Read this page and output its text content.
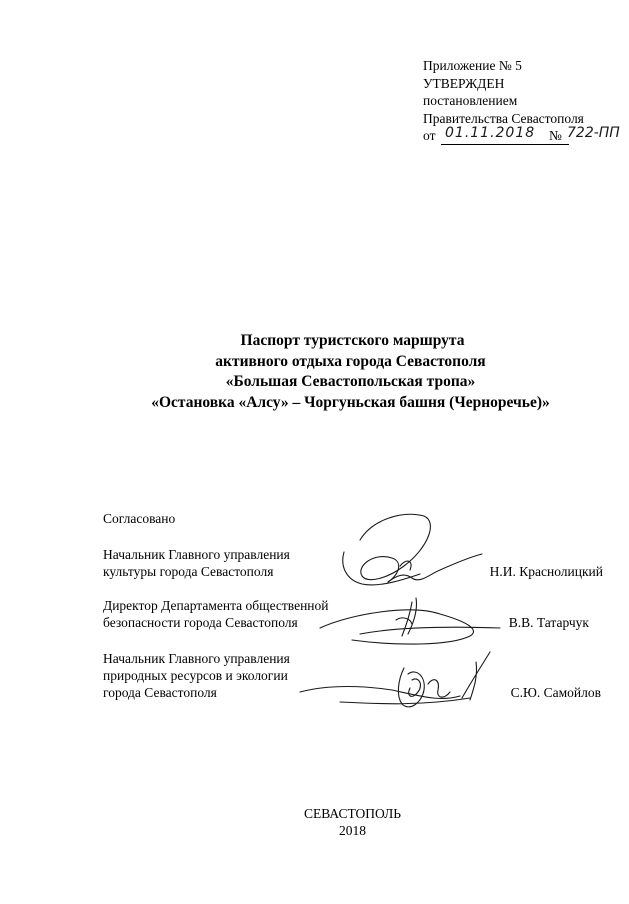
Приложение № 5
УТВЕРЖДЕН
постановлением
Правительства Севастополя
от 01.11.2018 № 722-ПП
Паспорт туристского маршрута
активного отдыха города Севастополя
«Большая Севастопольская тропа»
«Остановка «Алсу» – Чоргуньская башня (Черноречье)»
Согласовано
Начальник Главного управления
культуры города Севастополя	Н.И. Краснолицкий
Директор Департамента общественной
безопасности города Севастополя	В.В. Татарчук
Начальник Главного управления
природных ресурсов и экологии
города Севастополя	С.Ю. Самойлов
СЕВАСТОПОЛЬ
2018
